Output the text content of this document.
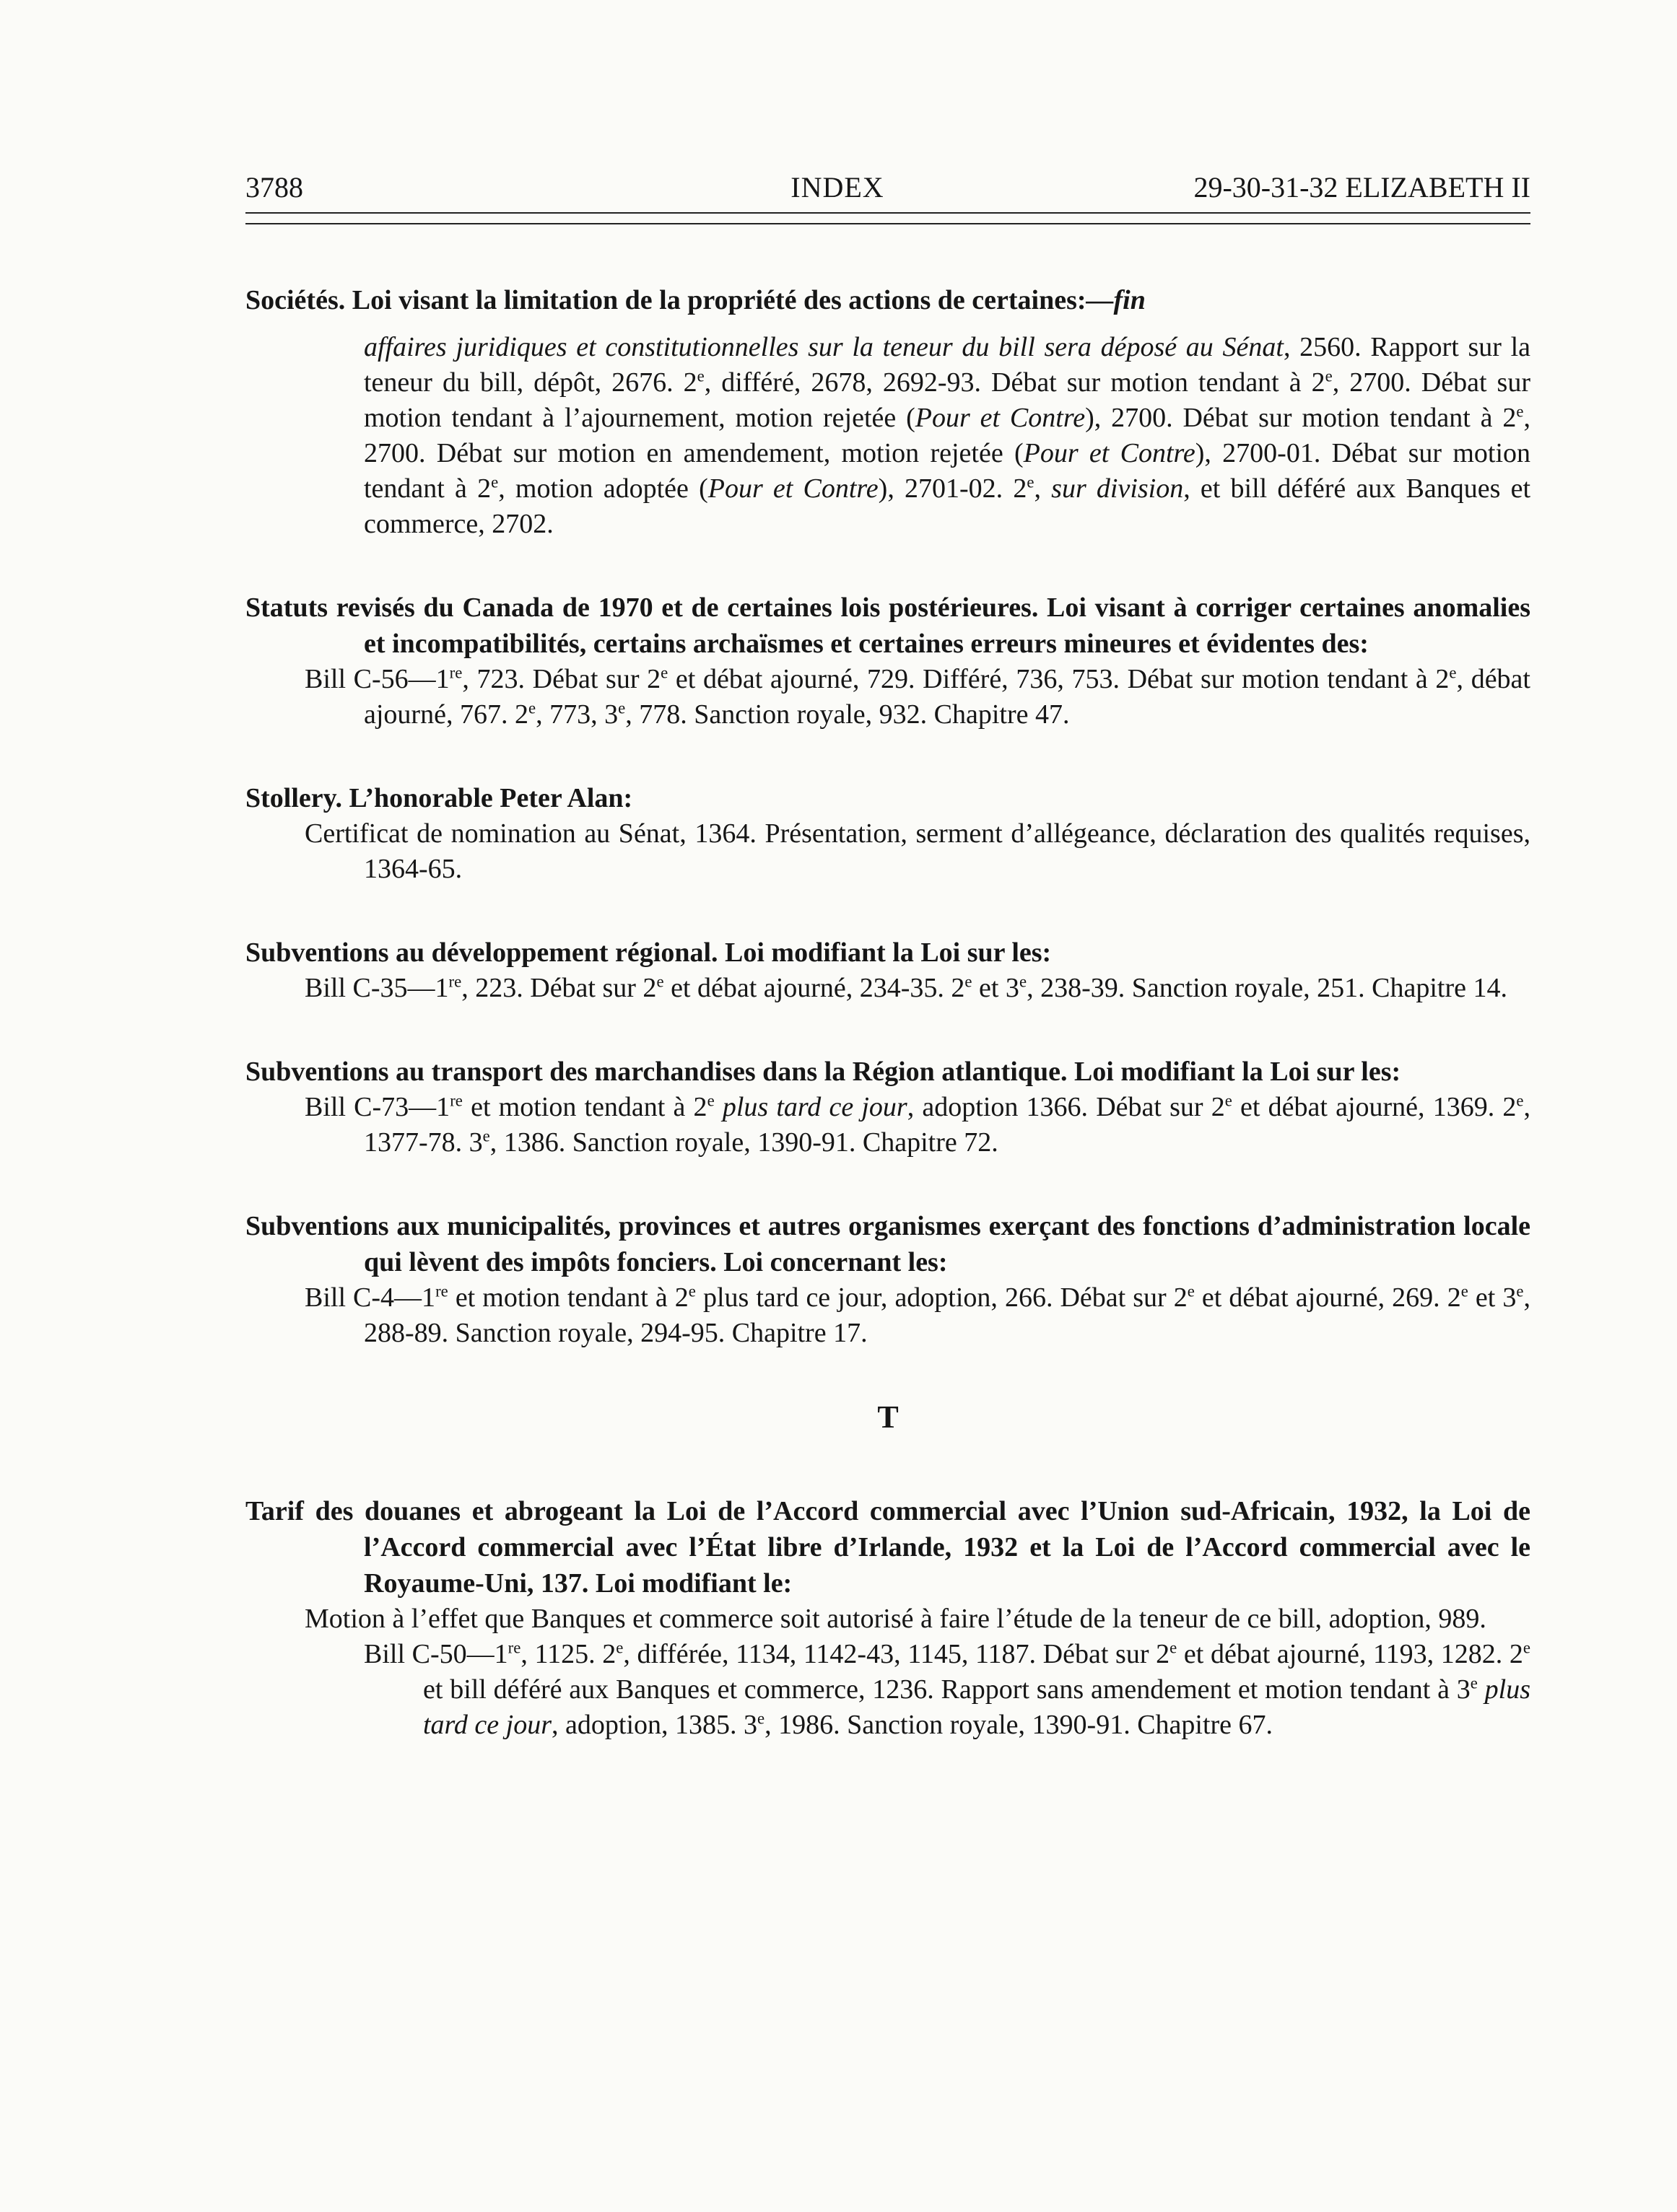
3788	INDEX	29-30-31-32 ELIZABETH II
Sociétés. Loi visant la limitation de la propriété des actions de certaines:—fin
affaires juridiques et constitutionnelles sur la teneur du bill sera déposé au Sénat, 2560. Rapport sur la teneur du bill, dépôt, 2676. 2e, différé, 2678, 2692-93. Débat sur motion tendant à 2e, 2700. Débat sur motion tendant à l’ajournement, motion rejetée (Pour et Contre), 2700. Débat sur motion tendant à 2e, 2700. Débat sur motion en amendement, motion rejetée (Pour et Contre), 2700-01. Débat sur motion tendant à 2e, motion adoptée (Pour et Contre), 2701-02. 2e, sur division, et bill déféré aux Banques et commerce, 2702.
Statuts revisés du Canada de 1970 et de certaines lois postérieures. Loi visant à corriger certaines anomalies et incompatibilités, certains archaïsmes et certaines erreurs mineures et évidentes des:
Bill C-56—1re, 723. Débat sur 2e et débat ajourné, 729. Différé, 736, 753. Débat sur motion tendant à 2e, débat ajourné, 767. 2e, 773, 3e, 778. Sanction royale, 932. Chapitre 47.
Stollery. L’honorable Peter Alan:
Certificat de nomination au Sénat, 1364. Présentation, serment d’allégeance, déclaration des qualités requises, 1364-65.
Subventions au développement régional. Loi modifiant la Loi sur les:
Bill C-35—1re, 223. Débat sur 2e et débat ajourné, 234-35. 2e et 3e, 238-39. Sanction royale, 251. Chapitre 14.
Subventions au transport des marchandises dans la Région atlantique. Loi modifiant la Loi sur les:
Bill C-73—1re et motion tendant à 2e plus tard ce jour, adoption 1366. Débat sur 2e et débat ajourné, 1369. 2e, 1377-78. 3e, 1386. Sanction royale, 1390-91. Chapitre 72.
Subventions aux municipalités, provinces et autres organismes exerçant des fonctions d’administration locale qui lèvent des impôts fonciers. Loi concernant les:
Bill C-4—1re et motion tendant à 2e plus tard ce jour, adoption, 266. Débat sur 2e et débat ajourné, 269. 2e et 3e, 288-89. Sanction royale, 294-95. Chapitre 17.
T
Tarif des douanes et abrogeant la Loi de l’Accord commercial avec l’Union sud-Africain, 1932, la Loi de l’Accord commercial avec l’État libre d’Irlande, 1932 et la Loi de l’Accord commercial avec le Royaume-Uni, 137. Loi modifiant le:
Motion à l’effet que Banques et commerce soit autorisé à faire l’étude de la teneur de ce bill, adoption, 989.
Bill C-50—1re, 1125. 2e, différée, 1134, 1142-43, 1145, 1187. Débat sur 2e et débat ajourné, 1193, 1282. 2e et bill déféré aux Banques et commerce, 1236. Rapport sans amendement et motion tendant à 3e plus tard ce jour, adoption, 1385. 3e, 1986. Sanction royale, 1390-91. Chapitre 67.
